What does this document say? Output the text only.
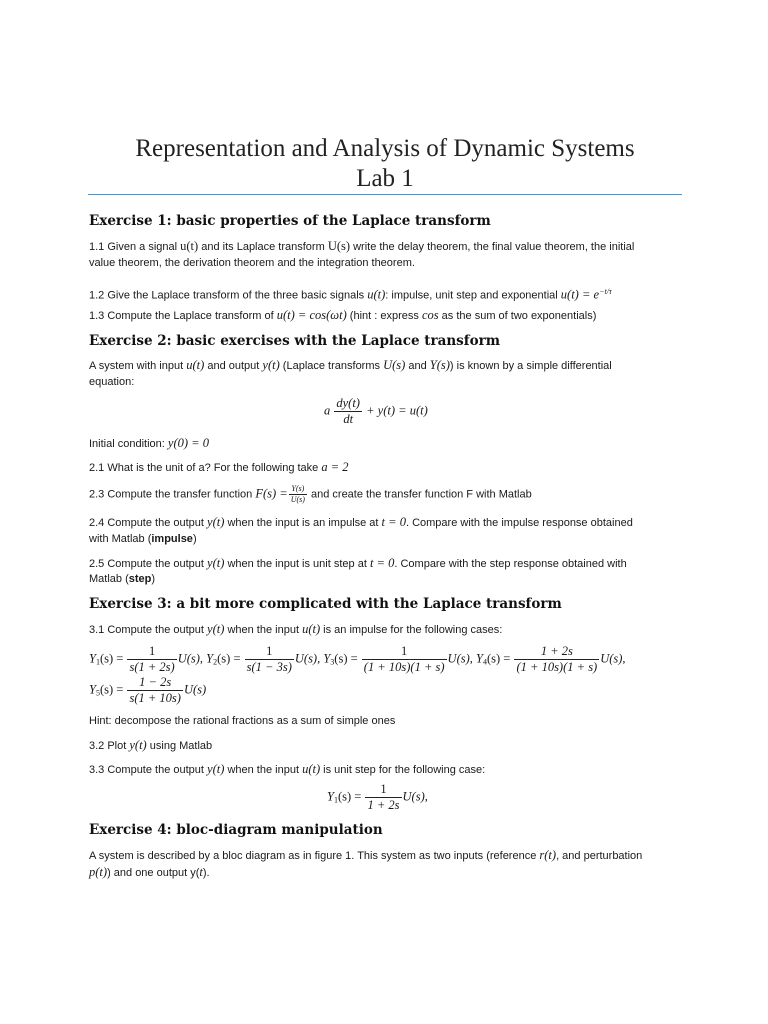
Representation and Analysis of Dynamic Systems
Lab 1
Exercise 1: basic properties of the Laplace transform
1.1 Given a signal u(t) and its Laplace transform U(s) write the delay theorem, the final value theorem, the initial
value theorem, the derivation theorem and the integration theorem.
1.2 Give the Laplace transform of the three basic signals u(t): impulse, unit step and exponential $u(t) = e^{-t/\tau}$
1.3 Compute the Laplace transform of u(t) = cos(ωt) (hint : express cos as the sum of two exponentials)
Exercise 2: basic exercises with the Laplace transform
A system with input u(t) and output y(t) (Laplace transforms U(s) and Y(s)) is known by a simple differential
equation:
a $\frac{dy(t)}{dt} + y(t) = u(t)$
Initial condition: y(0) = 0
2.1 What is the unit of a? For the following take a = 2
2.3 Compute the transfer function $F(s) = \frac{Y(s)}{U(s)}$ and create the transfer function F with Matlab
2.4 Compute the output y(t) when the input is an impulse at t = 0. Compare with the impulse response obtained
with Matlab (impulse)
2.5 Compute the output y(t) when the input is unit step at t = 0. Compare with the step response obtained with
Matlab (step)
Exercise 3: a bit more complicated with the Laplace transform
3.1 Compute the output y(t) when the input u(t) is an impulse for the following cases:
$Y_1(s) = \frac{1}{s(1 + 2s)} U(s)$, $Y_2(s) = \frac{1}{s(1 - 3s)} U(s)$, $Y_3(s) = \frac{1}{(1 + 10s)(1 + s)} U(s)$, $Y_4(s) = \frac{1 + 2s}{(1 + 10s)(1 + s)} U(s)$,
$Y_5(s) = \frac{1 - 2s}{s(1 + 10s)} U(s)$
Hint: decompose the rational fractions as a sum of simple ones
3.2 Plot y(t) using Matlab
3.3 Compute the output y(t) when the input u(t) is unit step for the following case:
$Y_1(s) = \frac{1}{1 + 2s} U(s)$,
Exercise 4: bloc-diagram manipulation
A system is described by a bloc diagram as in figure 1. This system as two inputs (reference r(t), and perturbation
p(t)) and one output y(t).
